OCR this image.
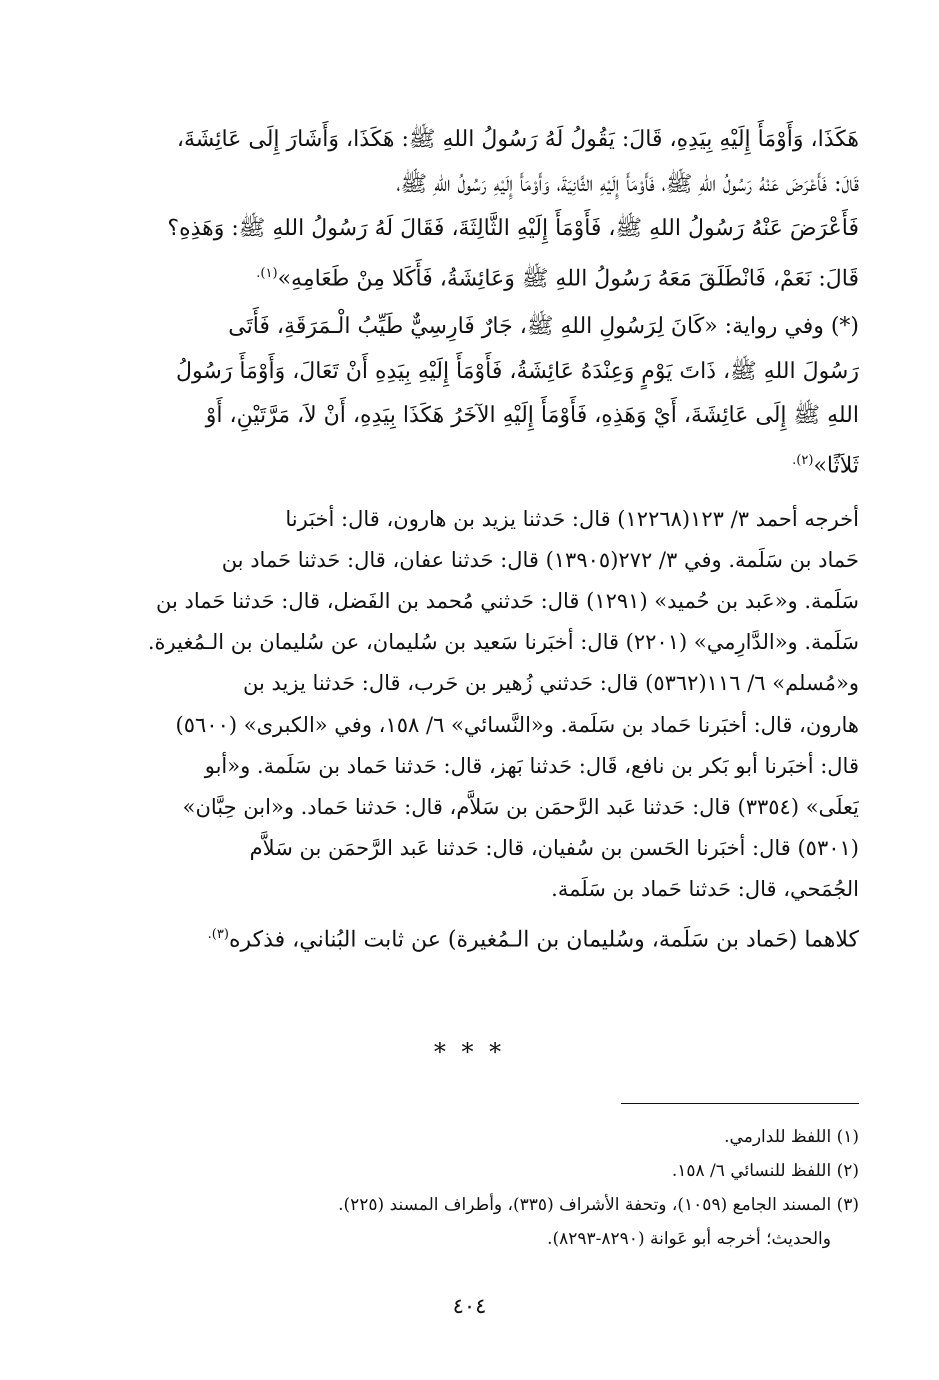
هَكَذَا، وَأَوْمَأَ إِلَيْهِ بِيَدِهِ، قَالَ: يَقُولُ لَهُ رَسُولُ اللهِ ﷺ: هَكَذَا، وَأَشَارَ إِلَى عَائِشَةَ،

قَالَ: فَأَعْرَضَ عَنْهُ رَسُولُ اللهِ ﷺ، فَأَوْمَأَ إِلَيْهِ الثَّانِيَةَ، وَأَوْمَأَ إِلَيْهِ رَسُولُ اللهِ ﷺ،

فَأَعْرَضَ عَنْهُ رَسُولُ اللهِ ﷺ، فَأَوْمَأَ إِلَيْهِ الثَّالِثَةَ، فَقَالَ لَهُ رَسُولُ اللهِ ﷺ: وَهَذِهِ؟

قَالَ: نَعَمْ، فَانْطَلَقَ مَعَهُ رَسُولُ اللهِ ﷺ وَعَائِشَةُ، فَأَكَلا مِنْ طَعَامِهِ»$^{(١).}$

(*) وفي رواية: «كَانَ لِرَسُولِ اللهِ ﷺ، جَارٌ فَارِسِيٌّ طَيِّبُ الْـمَرَقَةِ، فَأَتَى

رَسُولَ اللهِ ﷺ، ذَاتَ يَوْمٍ وَعِنْدَهُ عَائِشَةُ، فَأَوْمَأَ إِلَيْهِ بِيَدِهِ أَنْ تَعَالَ، وَأَوْمَأَ رَسُولُ

اللهِ ﷺ إِلَى عَائِشَةَ، أَيْ وَهَذِهِ، فَأَوْمَأَ إِلَيْهِ الآخَرُ هَكَذَا بِيَدِهِ، أَنْ لاَ، مَرَّتَيْنِ، أَوْ

ثَلاَثًا»$^{(٢).}$

أخرجه أحمد ٣/ ١٢٣(١٢٢٦٨) قال: حَدثنا يزيد بن هارون، قال: أخبَرنا

حَماد بن سَلَمة. وفي ٣/ ٢٧٢(١٣٩٠٥) قال: حَدثنا عفان، قال: حَدثنا حَماد بن

سَلَمة. و«عَبد بن حُميد» (١٢٩١) قال: حَدثني مُحمد بن الفَضل، قال: حَدثنا حَماد بن

سَلَمة. و«الدَّارِمي» (٢٢٠١) قال: أخبَرنا سَعيد بن سُليمان، عن سُليمان بن الـمُغيرة.

و«مُسلم» ٦/ ١١٦(٥٣٦٢) قال: حَدثني زُهير بن حَرب، قال: حَدثنا يزيد بن

هارون، قال: أخبَرنا حَماد بن سَلَمة. و«النَّسائي» ٦/ ١٥٨، وفي «الكبرى» (٥٦٠٠)

قال: أخبَرنا أبو بَكر بن نافع، قَال: حَدثنا بَهز، قال: حَدثنا حَماد بن سَلَمة. و«أبو

يَعلَى» (٣٣٥٤) قال: حَدثنا عَبد الرَّحمَن بن سَلاَّم، قال: حَدثنا حَماد. و«ابن حِبَّان»

(٥٣٠١) قال: أخبَرنا الحَسن بن سُفيان، قال: حَدثنا عَبد الرَّحمَن بن سَلاَّم

الجُمَحي، قال: حَدثنا حَماد بن سَلَمة.

كلاهما (حَماد بن سَلَمة، وسُليمان بن الـمُغيرة) عن ثابت البُناني، فذكره$^{(٣).}$

* * *

(١) اللفظ للدارمي.

(٢) اللفظ للنسائي ٦/ ١٥٨.

(٣) المسند الجامع (١٠٥٩)، وتحفة الأشراف (٣٣٥)، وأطراف المسند (٢٢٥).

والحديث؛ أخرجه أبو عَوانة (٨٢٩٠-٨٢٩٣).

٤٠٤
